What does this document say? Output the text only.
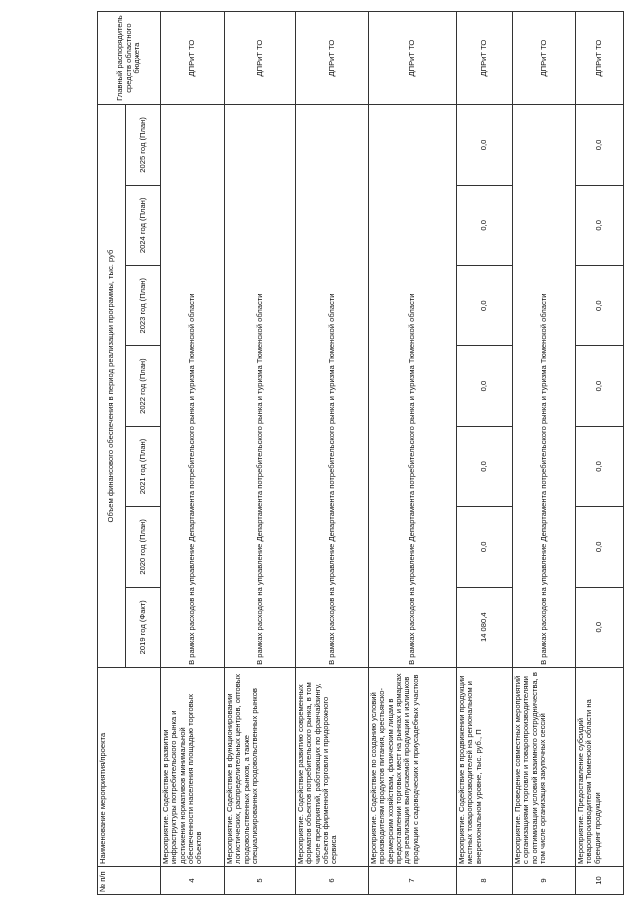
№ п/п	Наименование мероприятия/проекта	Объем финансового обеспечения в период реализации программы, тыс. руб							Главный распорядитель средств областного бюджета
		2019 год (Факт)	2020 год (План)	2021 год (План)	2022 год (План)	2023 год (План)	2024 год (План)	2025 год (План)	
4	Мероприятие. Содействие в развитии инфраструктуры потребительского рынка и достижении нормативов минимальной обеспеченности населения площадью торговых объектов	В рамках расходов на управление Департамента потребительского рынка и туризма Тюменской области							ДПРиТ ТО
5	Мероприятие. Содействие в функционировании логистических, распределительных центров, оптовых продовольственных рынков, а также специализированных продовольственных рынков	В рамках расходов на управление Департамента потребительского рынка и туризма Тюменской области							ДПРиТ ТО
6	Мероприятие. Содействие развитию современных форматов объектов потребительского рынка, в том числе предприятий, работающих по франчайзингу, объектов фирменной торговли и придорожного сервиса	В рамках расходов на управление Департамента потребительского рынка и туризма Тюменской области							ДПРиТ ТО
7	Мероприятие. Содействие по созданию условий производителям продуктов питания, крестьянско-фермерским хозяйствам, физическим лицам в предоставлении торговых мест на рынках и ярмарках для реализации выпускаемой продукции и излишков продукции с садоводческих и приусадебных участков	В рамках расходов на управление Департамента потребительского рынка и туризма Тюменской области							ДПРиТ ТО
8	Мероприятие. Содействие в продвижении продукции местных товаропроизводителей на региональном и внерегиональном уровне, тыс. руб., П	14 080,4	0,0	0,0	0,0	0,0	0,0	0,0	ДПРиТ ТО
9	Мероприятие. Проведение совместных мероприятий с организациями торговли и товаропроизводителями по оптимизации условий взаимного сотрудничества, в том числе организация закупочных сессий	В рамках расходов на управление Департамента потребительского рынка и туризма Тюменской области							ДПРиТ ТО
10	Мероприятие. Предоставление субсидий товаропроизводителям Тюменской области на брендинг продукции	0,0	0,0	0,0	0,0	0,0	0,0	0,0	ДПРиТ ТО
